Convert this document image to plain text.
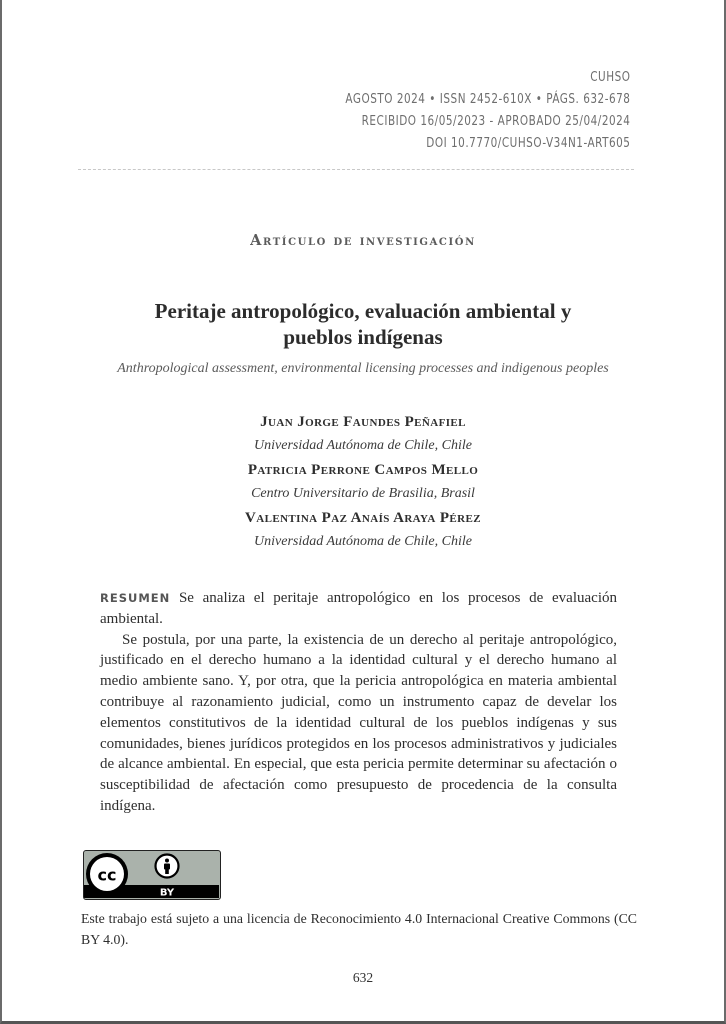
CUHSO
AGOSTO 2024 • ISSN 2452-610X • PÁGS. 632-678
RECIBIDO 16/05/2023 - APROBADO 25/04/2024
DOI 10.7770/CUHSO-V34N1-ART605
Artículo de investigación
Peritaje antropológico, evaluación ambiental y
pueblos indígenas
Anthropological assessment, environmental licensing processes and indigenous peoples
Juan Jorge Faundes Peñafiel
Universidad Autónoma de Chile, Chile
Patricia Perrone Campos Mello
Centro Universitario de Brasilia, Brasil
Valentina Paz Anaís Araya Pérez
Universidad Autónoma de Chile, Chile

RESUMEN Se analiza el peritaje antropológico en los procesos de evaluación ambiental.

Se postula, por una parte, la existencia de un derecho al peritaje antropológico, justificado en el derecho humano a la identidad cultural y el derecho humano al medio ambiente sano. Y, por otra, que la pericia antropológica en materia ambiental contribuye al razonamiento judicial, como un instrumento capaz de develar los elementos constitutivos de la identidad cultural de los pueblos indígenas y sus comunidades, bienes jurídicos protegidos en los procesos administrativos y judiciales de alcance ambiental. En especial, que esta pericia permite determinar su afectación o susceptibilidad de afectación como presupuesto de procedencia de la consulta indígena.

cc
BY
Este trabajo está sujeto a una licencia de Reconocimiento 4.0 Internacional Creative Commons (CC BY 4.0).
632
